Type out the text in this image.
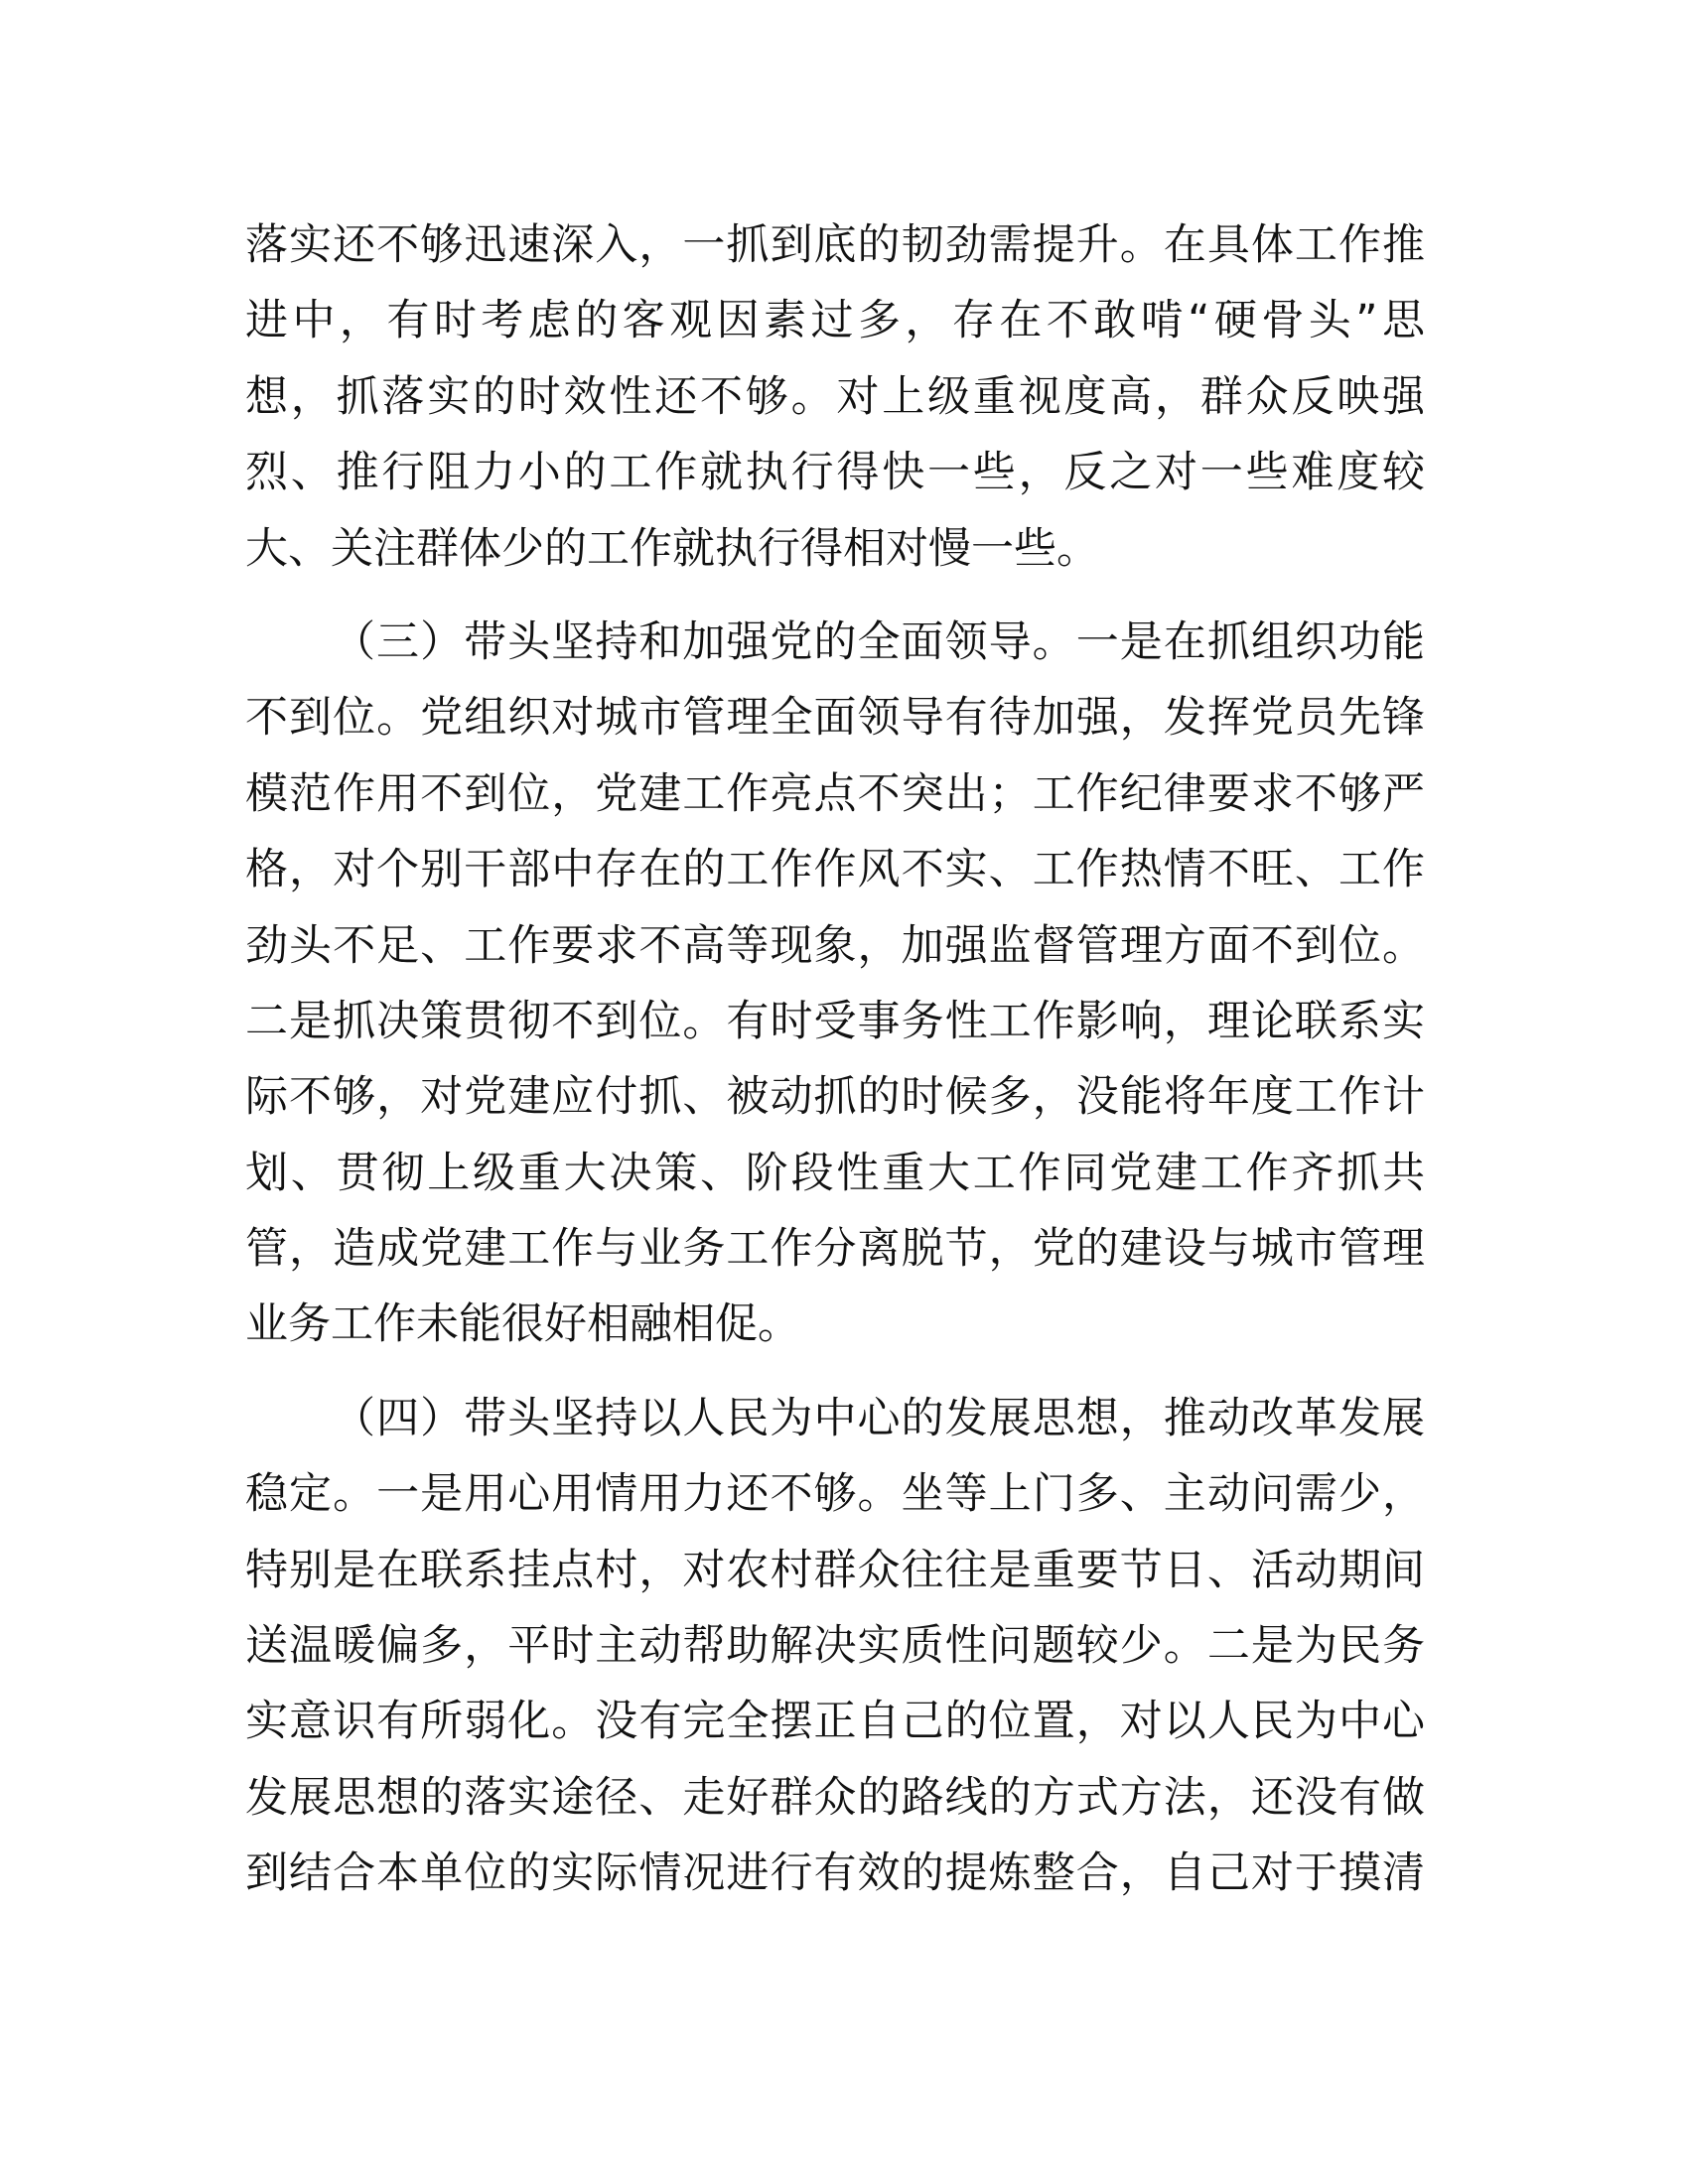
落实还不够迅速深入，一抓到底的韧劲需提升。在具体工作推
进中，有时考虑的客观因素过多，存在不敢啃“硬骨头”思
想，抓落实的时效性还不够。对上级重视度高，群众反映强
烈、推行阻力小的工作就执行得快一些，反之对一些难度较
大、关注群体少的工作就执行得相对慢一些。
（三）带头坚持和加强党的全面领导。一是在抓组织功能
不到位。党组织对城市管理全面领导有待加强，发挥党员先锋
模范作用不到位，党建工作亮点不突出；工作纪律要求不够严
格，对个别干部中存在的工作作风不实、工作热情不旺、工作
劲头不足、工作要求不高等现象，加强监督管理方面不到位。
二是抓决策贯彻不到位。有时受事务性工作影响，理论联系实
际不够，对党建应付抓、被动抓的时候多，没能将年度工作计
划、贯彻上级重大决策、阶段性重大工作同党建工作齐抓共
管，造成党建工作与业务工作分离脱节，党的建设与城市管理
业务工作未能很好相融相促。
（四）带头坚持以人民为中心的发展思想，推动改革发展
稳定。一是用心用情用力还不够。坐等上门多、主动问需少，
特别是在联系挂点村，对农村群众往往是重要节日、活动期间
送温暖偏多，平时主动帮助解决实质性问题较少。二是为民务
实意识有所弱化。没有完全摆正自己的位置，对以人民为中心
发展思想的落实途径、走好群众的路线的方式方法，还没有做
到结合本单位的实际情况进行有效的提炼整合，自己对于摸清
